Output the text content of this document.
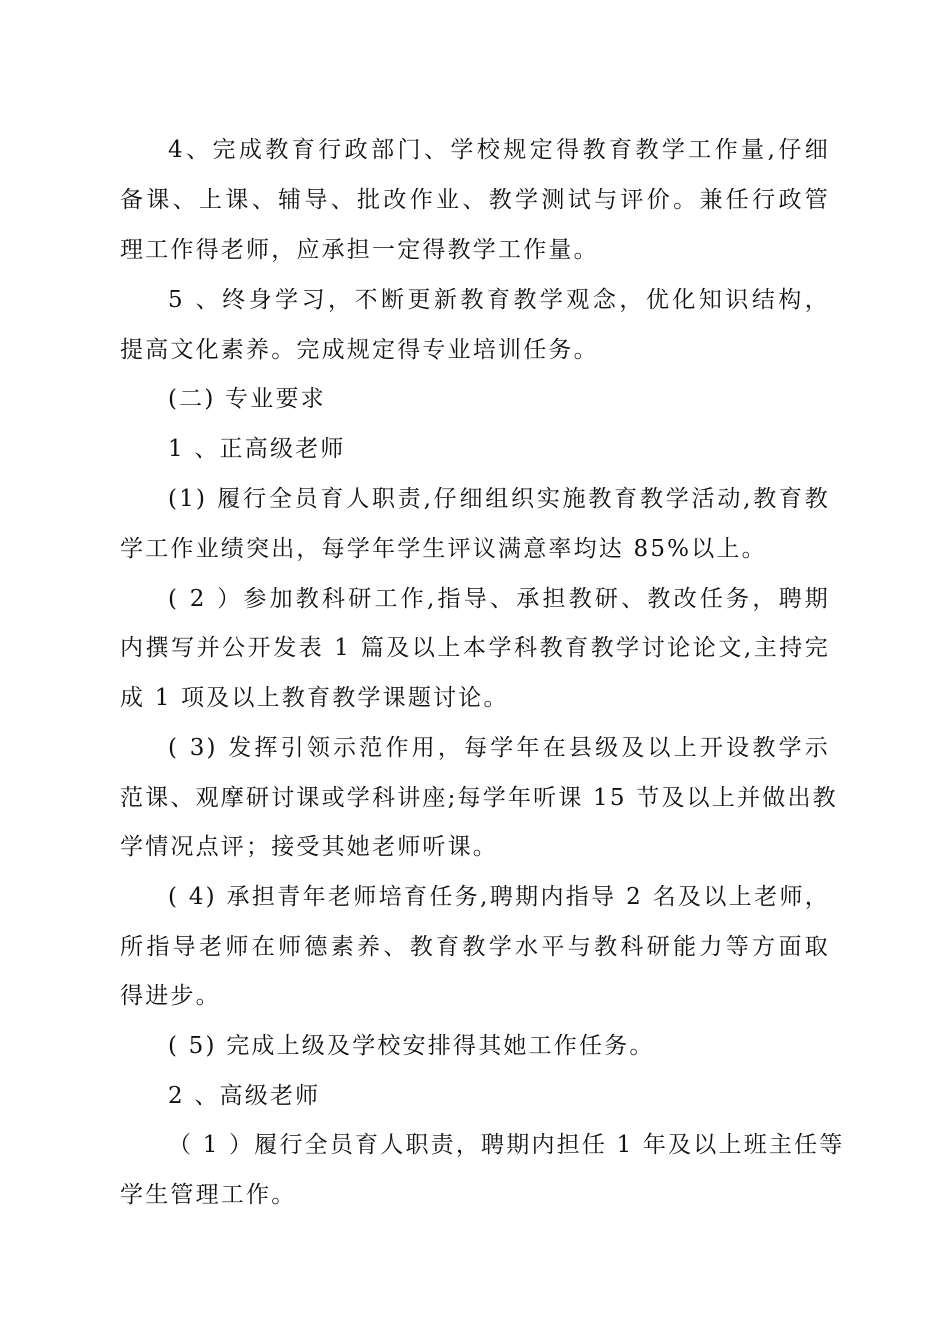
4、完成教育行政部门、学校规定得教育教学工作量,仔细
备课、上课、辅导、批改作业、教学测试与评价。兼任行政管
理工作得老师，应承担一定得教学工作量。
5 、终身学习，不断更新教育教学观念，优化知识结构，
提高文化素养。完成规定得专业培训任务。
(二) 专业要求
1 、正高级老师
(1) 履行全员育人职责,仔细组织实施教育教学活动,教育教
学工作业绩突出，每学年学生评议满意率均达 85%以上。
( 2 ）参加教科研工作,指导、承担教研、教改任务，聘期
内撰写并公开发表 1 篇及以上本学科教育教学讨论论文,主持完
成 1 项及以上教育教学课题讨论。
( 3) 发挥引领示范作用，每学年在县级及以上开设教学示
范课、观摩研讨课或学科讲座;每学年听课 15 节及以上并做出教
学情况点评；接受其她老师听课。
( 4) 承担青年老师培育任务,聘期内指导 2 名及以上老师，
所指导老师在师德素养、教育教学水平与教科研能力等方面取
得进步。
( 5) 完成上级及学校安排得其她工作任务。
2 、高级老师
（ 1 ）履行全员育人职责，聘期内担任 1 年及以上班主任等
学生管理工作。
